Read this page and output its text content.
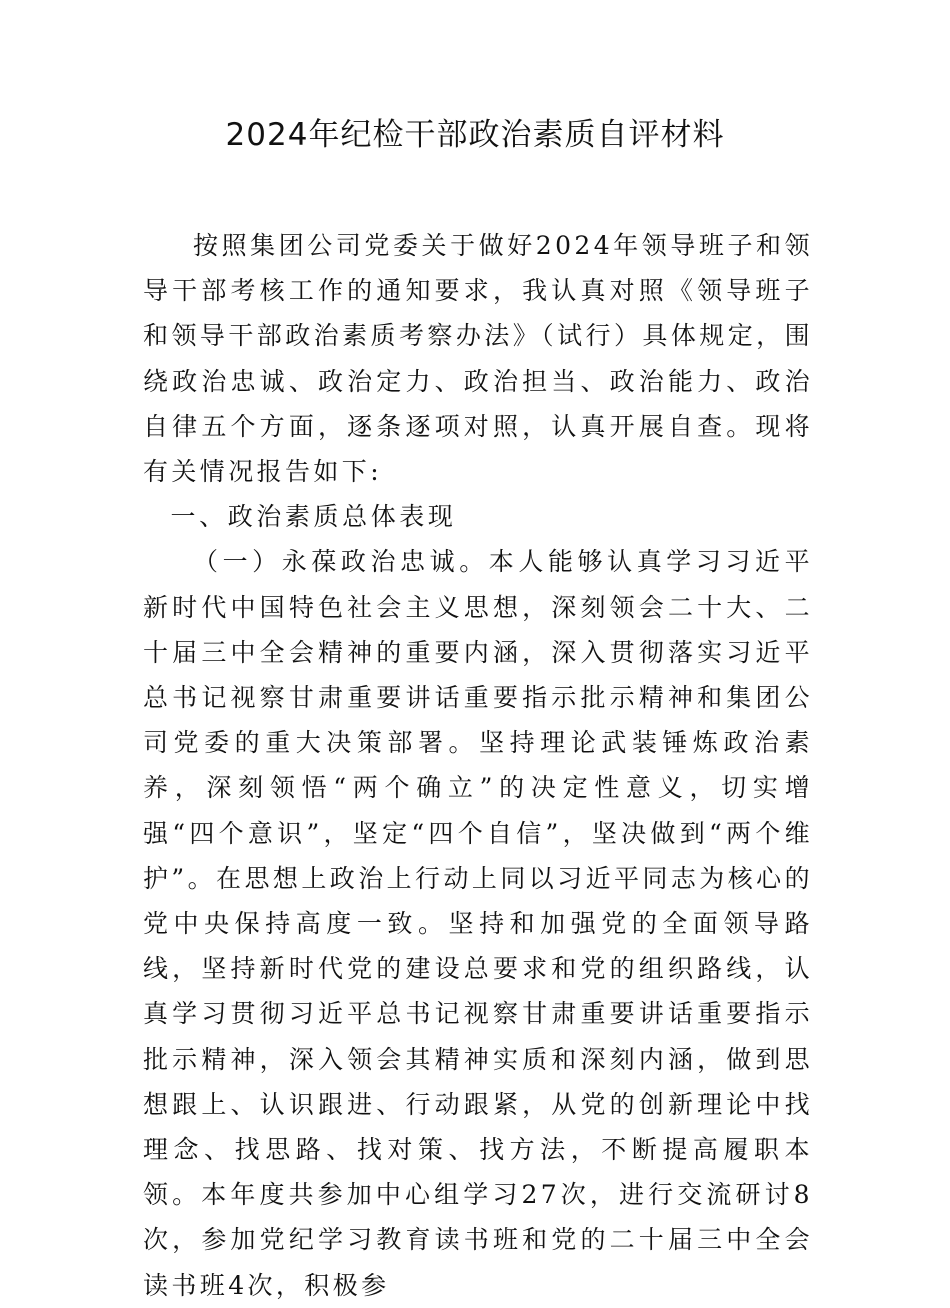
2024年纪检干部政治素质自评材料

按照集团公司党委关于做好2024年领导班子和领导干部考核工作的通知要求，我认真对照《领导班子和领导干部政治素质考察办法》（试行）具体规定，围绕政治忠诚、政治定力、政治担当、政治能力、政治自律五个方面，逐条逐项对照，认真开展自查。现将有关情况报告如下:

一、政治素质总体表现

（一）永葆政治忠诚。本人能够认真学习习近平新时代中国特色社会主义思想，深刻领会二十大、二十届三中全会精神的重要内涵，深入贯彻落实习近平总书记视察甘肃重要讲话重要指示批示精神和集团公司党委的重大决策部署。坚持理论武装锤炼政治素养，深刻领悟“两个确立”的决定性意义，切实增强“四个意识”，坚定“四个自信”，坚决做到“两个维护”。在思想上政治上行动上同以习近平同志为核心的党中央保持高度一致。坚持和加强党的全面领导路线，坚持新时代党的建设总要求和党的组织路线，认真学习贯彻习近平总书记视察甘肃重要讲话重要指示批示精神，深入领会其精神实质和深刻内涵，做到思想跟上、认识跟进、行动跟紧，从党的创新理论中找理念、找思路、找对策、找方法，不断提高履职本领。本年度共参加中心组学习27次，进行交流研讨8次，参加党纪学习教育读书班和党的二十届三中全会读书班4次，积极参
